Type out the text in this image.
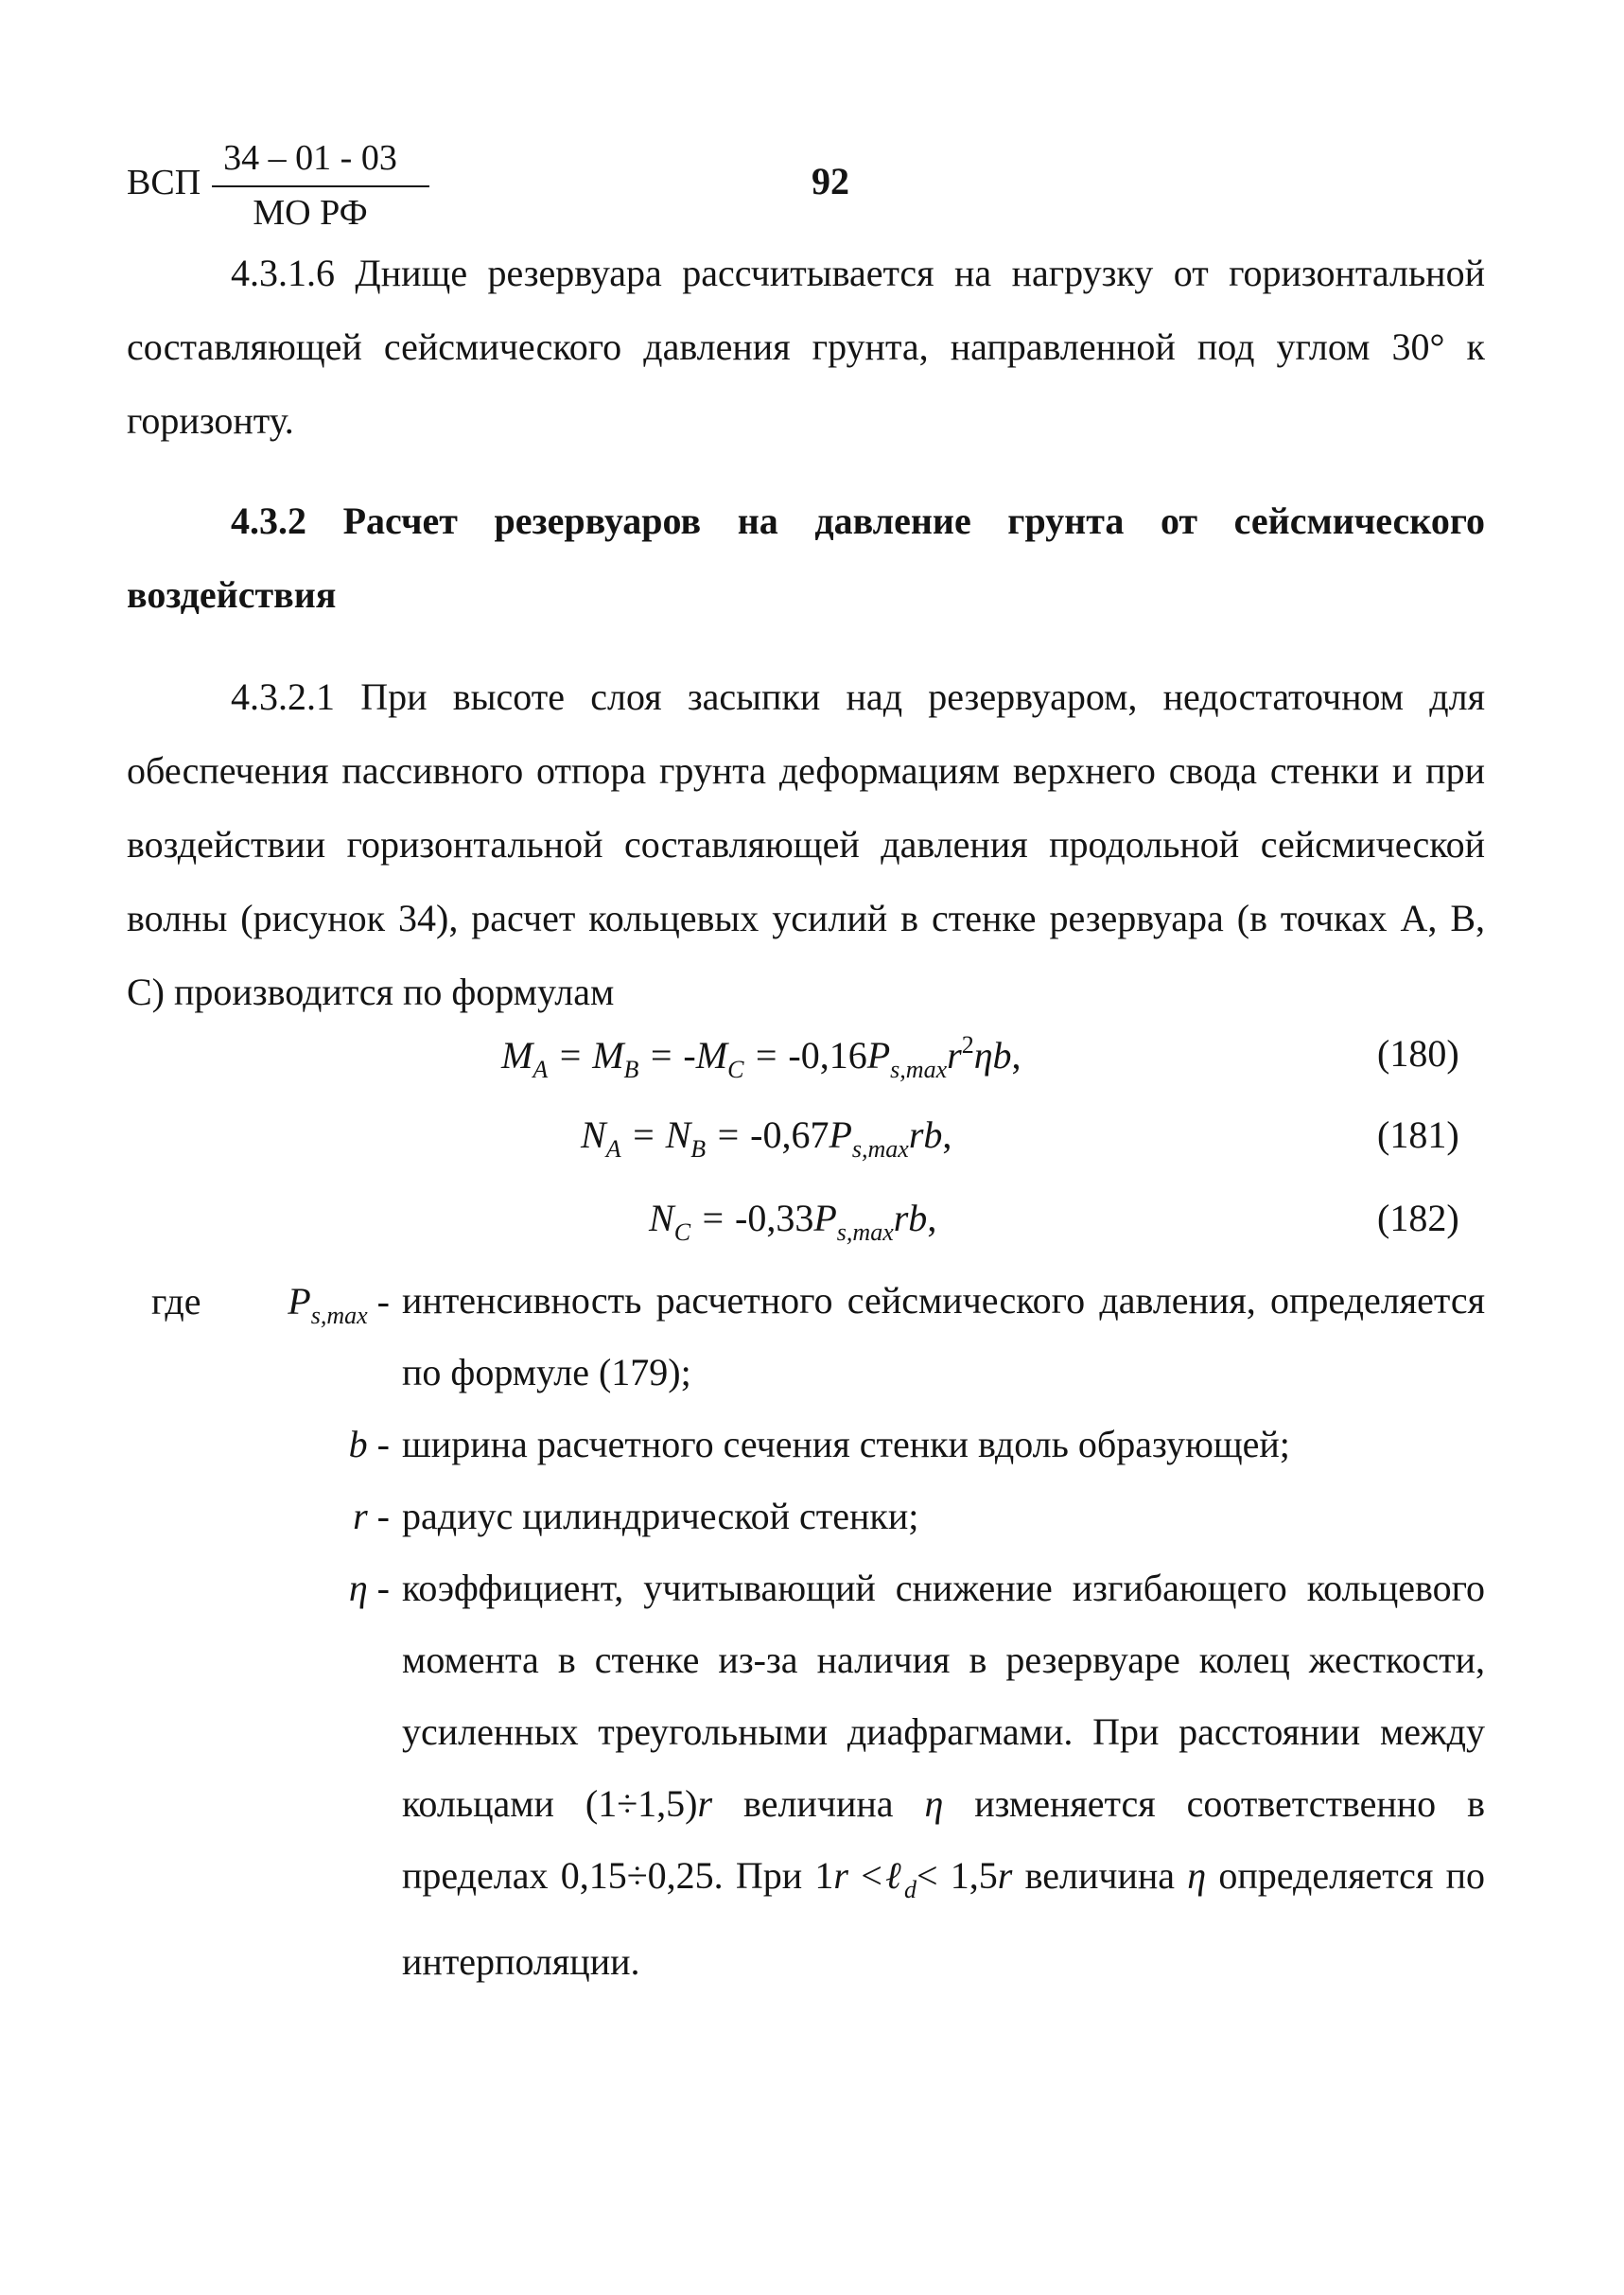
ВСП
34 – 01 - 03
МО РФ
92
4.3.1.6 Днище резервуара рассчитывается на нагрузку от горизонтальной составляющей сейсмического давления грунта, направленной под углом 30° к горизонту.
4.3.2 Расчет резервуаров на давление грунта от сейсмического воздействия
4.3.2.1 При высоте слоя засыпки над резервуаром, недостаточном для обеспечения пассивного отпора грунта деформациям верхнего свода стенки и при воздействии горизонтальной составляющей давления продольной сейсмической волны (рисунок 34), расчет кольцевых усилий в стенке резервуара (в точках A, B, C) производится по формулам
$M_A = M_B = -M_C = -0,16P_{s,max}r^2\eta b$,	(180)
$N_A = N_B = -0,67P_{s,max}rb$,	(181)
$N_C = -0,33P_{s,max}rb$,	(182)
где	$P_{s,max}$ - интенсивность расчетного сейсмического давления, определяется по формуле (179);
b - ширина расчетного сечения стенки вдоль образующей;
r - радиус цилиндрической стенки;
η - коэффициент, учитывающий снижение изгибающего кольцевого момента в стенке из-за наличия в резервуаре колец жесткости, усиленных треугольными диафрагмами. При расстоянии между кольцами (1÷1,5)r величина η изменяется соответственно в пределах 0,15÷0,25. При 1r <ℓ$_d$< 1,5r величина η определяется по интерполяции.
